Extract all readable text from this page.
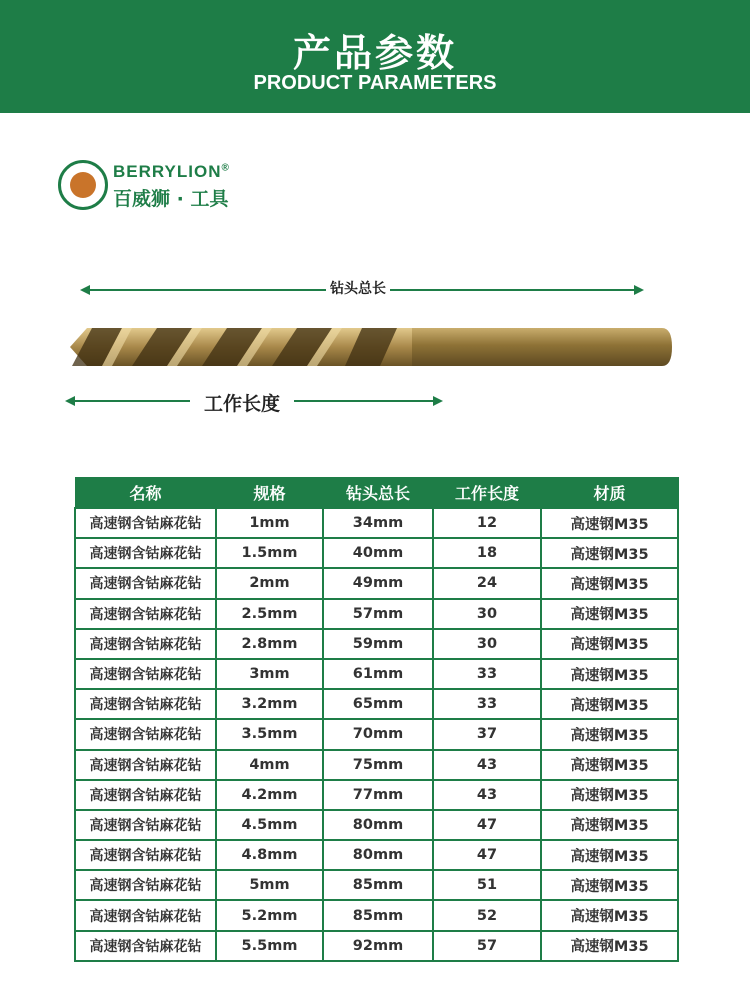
产品参数
PRODUCT PARAMETERS
BERRYLION®
百威狮 · 工具
钻头总长
工作长度
名称	规格	钻头总长	工作长度	材质
高速钢含钴麻花钻	1mm	34mm	12	高速钢M35
高速钢含钴麻花钻	1.5mm	40mm	18	高速钢M35
高速钢含钴麻花钻	2mm	49mm	24	高速钢M35
高速钢含钴麻花钻	2.5mm	57mm	30	高速钢M35
高速钢含钴麻花钻	2.8mm	59mm	30	高速钢M35
高速钢含钴麻花钻	3mm	61mm	33	高速钢M35
高速钢含钴麻花钻	3.2mm	65mm	33	高速钢M35
高速钢含钴麻花钻	3.5mm	70mm	37	高速钢M35
高速钢含钴麻花钻	4mm	75mm	43	高速钢M35
高速钢含钴麻花钻	4.2mm	77mm	43	高速钢M35
高速钢含钴麻花钻	4.5mm	80mm	47	高速钢M35
高速钢含钴麻花钻	4.8mm	80mm	47	高速钢M35
高速钢含钴麻花钻	5mm	85mm	51	高速钢M35
高速钢含钴麻花钻	5.2mm	85mm	52	高速钢M35
高速钢含钴麻花钻	5.5mm	92mm	57	高速钢M35
